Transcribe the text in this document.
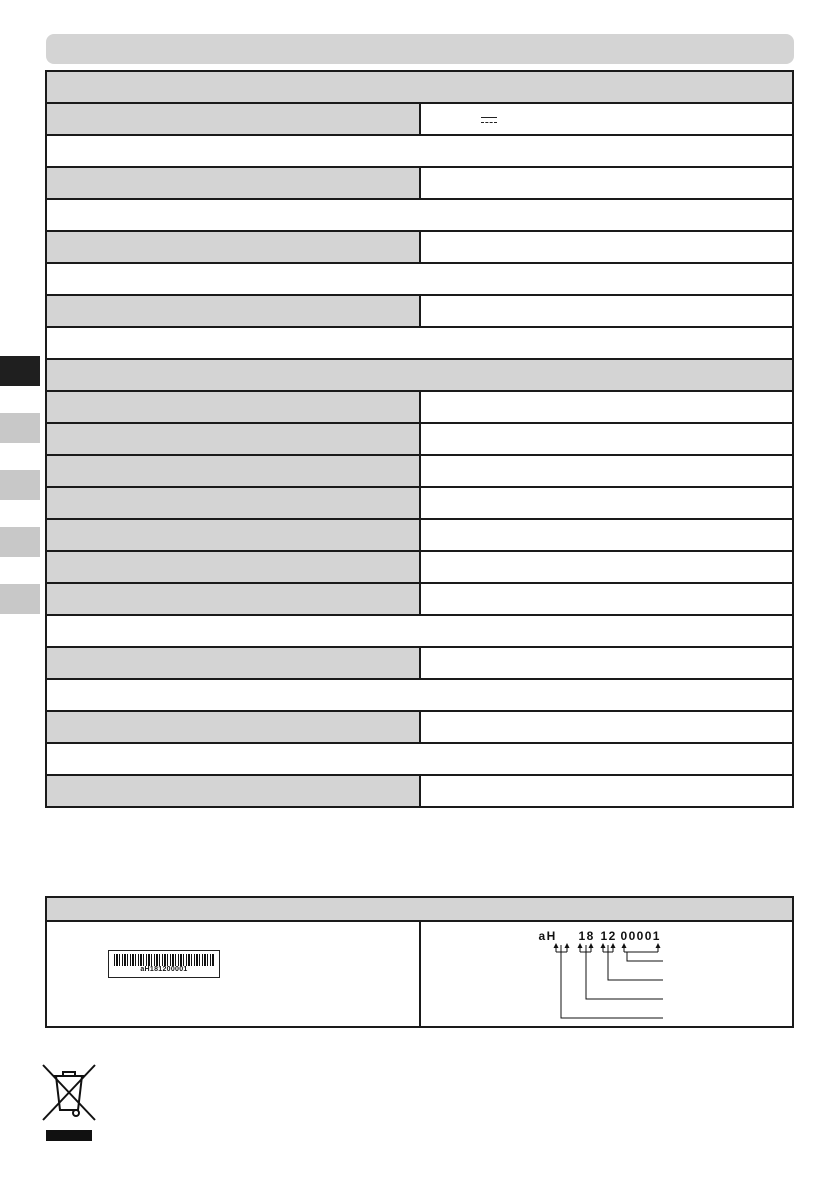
aH181200001

aH 18 12 00001
